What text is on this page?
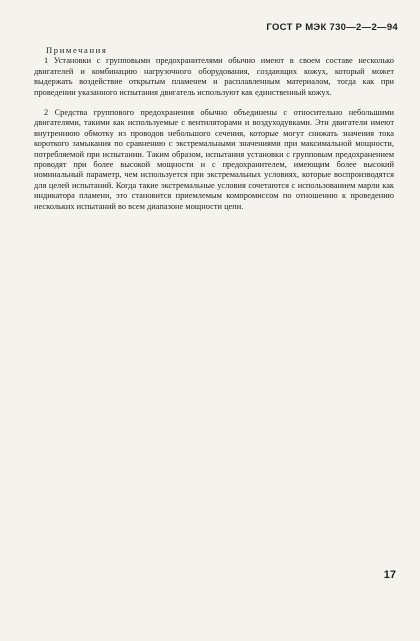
ГОСТ Р МЭК 730—2—2—94
Примечания

1 Установки с групповыми предохранителями обычно имеют в своем составе несколько двигателей и комбинацию нагрузочного оборудования, создающих кожух, который может выдержать воздействие открытым пламенем и расплавленным материалом, тогда как при проведении указанного испытания двигатель используют как единственный кожух.

2 Средства группового предохранения обычно объединены с относительно небольшими двигателями, такими как используемые с вентиляторами и воздуходувками. Эти двигатели имеют внутреннюю обмотку из проводов небольшого сечения, которые могут снижать значения тока короткого замыкания по сравнению с экстремальными значениями при максимальной мощности, потребляемой при испытании. Таким образом, испытания установки с групповым предохранением проводят при более высокой мощности и с предохранителем, имеющим более высокий номинальный параметр, чем используется при экстремальных условиях, которые воспроизводятся для целей испытаний. Когда такие экстремальные условия сочетаются с использованием марли как индикатора пламени, это становится приемлемым компромиссом по отношению к проведению нескольких испытаний во всем диапазоне мощности цепи.

17
